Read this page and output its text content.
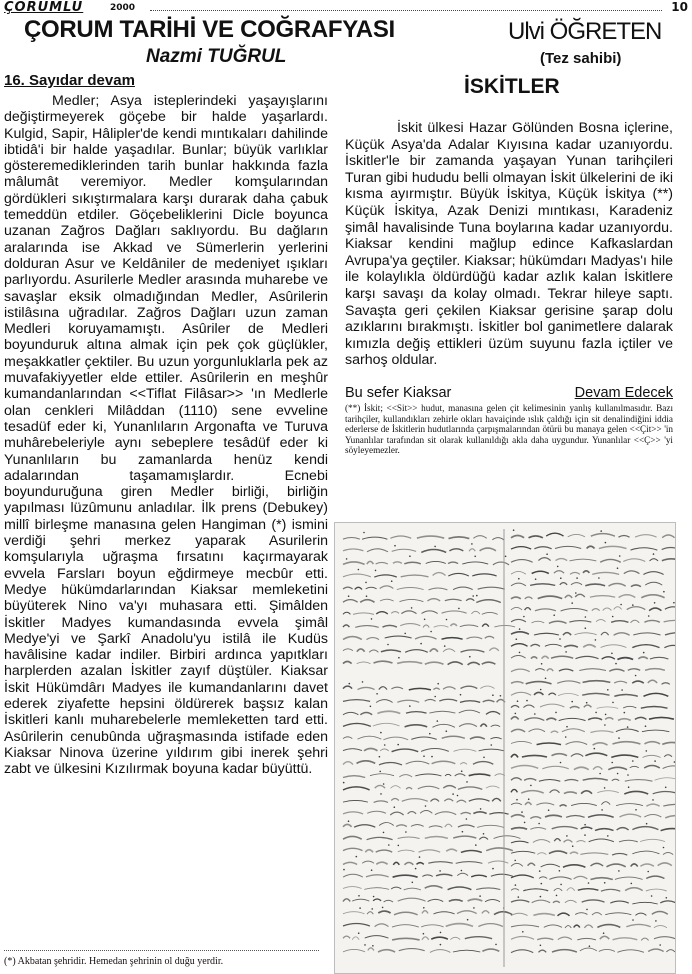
ÇORUMLU	2000	10
ÇORUM TARİHİ VE COĞRAFYASI
Nazmi TUĞRUL
Ulvi ÖĞRETEN
(Tez sahibi)
16. Sayıdar devam

Medler; Asya isteplerindeki yaşayışlarını değiştirmeyerek göçebe bir halde yaşarlardı. Kulgid, Sapir, Hâlipler'de kendi mıntıkaları dahilinde ibtidâ'i bir halde yaşadılar. Bunlar; büyük varlıklar gösteremediklerinden tarih bunlar hakkında fazla mâlumât veremiyor. Medler komşularından gördükleri sıkıştırmalara karşı durarak daha çabuk temeddün etdiler. Göçebeliklerini Dicle boyunca uzanan Zağros Dağları saklıyordu. Bu dağların aralarında ise Akkad ve Sümerlerin yerlerini dolduran Asur ve Keldâniler de medeniyet ışıkları parlıyordu. Asurilerle Medler arasında muharebe ve savaşlar eksik olmadığından Medler, Asûrilerin istilâsına uğradılar. Zağros Dağları uzun zaman Medleri koruyamamıştı. Asûriler de Medleri boyunduruk altına almak için pek çok güçlükler, meşakkatler çektiler. Bu uzun yorgunluklarla pek az muvafakiyyetler elde ettiler. Asûrilerin en meşhûr kumandanlarından <<Tiflat Filâsar>> 'ın Medlerle olan cenkleri Milâddan (1110) sene evveline tesadüf eder ki, Yunanlıların Argonafta ve Turuva muhârebeleriyle aynı sebeplere tesâdüf eder ki Yunanlıların bu zamanlarda henüz kendi adalarından taşamamışlardır. Ecnebi boyunduruğuna giren Medler birliği, birliğin yapılması lüzûmunu anladılar. İlk prens (Debukey) millî birleşme manasına gelen Hangiman (*) ismini verdiği şehri merkez yaparak Asurilerin komşularıyla uğraşma fırsatını kaçırmayarak evvela Farsları boyun eğdirmeye mecbûr etti. Medye hükümdarlarından Kiaksar memleketini büyüterek Nino va'yı muhasara etti. Şimâlden İskitler Madyes kumandasında evvela şimâl Medye'yi ve Şarkî Anadolu'yu istilâ ile Kudüs havâlisine kadar indiler. Birbiri ardınca yapıtkları harplerden azalan İskitler zayıf düştüler. Kiaksar İskit Hükümdârı Madyes ile kumandanlarını davet ederek ziyafette hepsini öldürerek başsız kalan İskitleri kanlı muharebelerle memleketten tard etti. Asûrilerin cenubûnda uğraşmasında istifade eden Kiaksar Ninova üzerine yıldırım gibi inerek şehri zabt ve ülkesini Kızılırmak boyuna kadar büyüttü.

(*) Akbatan şehridir. Hemedan şehrinin ol duğu yerdir.
İSKİTLER

İskit ülkesi Hazar Gölünden Bosna içlerine, Küçük Asya'da Adalar Kıyısına kadar uzanıyordu. İskitler'le bir zamanda yaşayan Yunan tarihçileri Turan gibi hududu belli olmayan İskit ülkelerini de iki kısma ayırmıştır. Büyük İskitya, Küçük İskitya (**) Küçük İskitya, Azak Denizi mıntıkası, Karadeniz şimâl havalisinde Tuna boylarına kadar uzanıyordu. Kiaksar kendini mağlup edince Kafkaslardan Avrupa'ya geçtiler. Kiaksar; hükümdarı Madyas'ı hile ile kolaylıkla öldürdüğü kadar azlık kalan İskitlere karşı savaşı da kolay olmadı. Tekrar hileye saptı. Savaşta geri çekilen Kiaksar gerisine şarap dolu azıklarını bırakmıştı. İskitler bol ganimetlere dalarak kımızla değiş ettikleri üzüm suyunu fazla içtiler ve sarhoş oldular.

Bu sefer Kiaksar	Devam Edecek
(**) İskit; <<Sit>> hudut, manasına gelen çit kelimesinin yanlış kullanılmasıdır. Bazı tarihçiler, kullandıkları zehirle okları havaiçinde ıslık çaldığı için sit denalindiğini iddia ederlerse de İskitlerin hudutlarında çarpışmalarından ötürü bu manaya gelen <<Çit>> 'in Yunanlılar tarafından sit olarak kullanıldığı akla daha uygundur. Yunanlılar <<Ç>> 'yi söyleyemezler.
